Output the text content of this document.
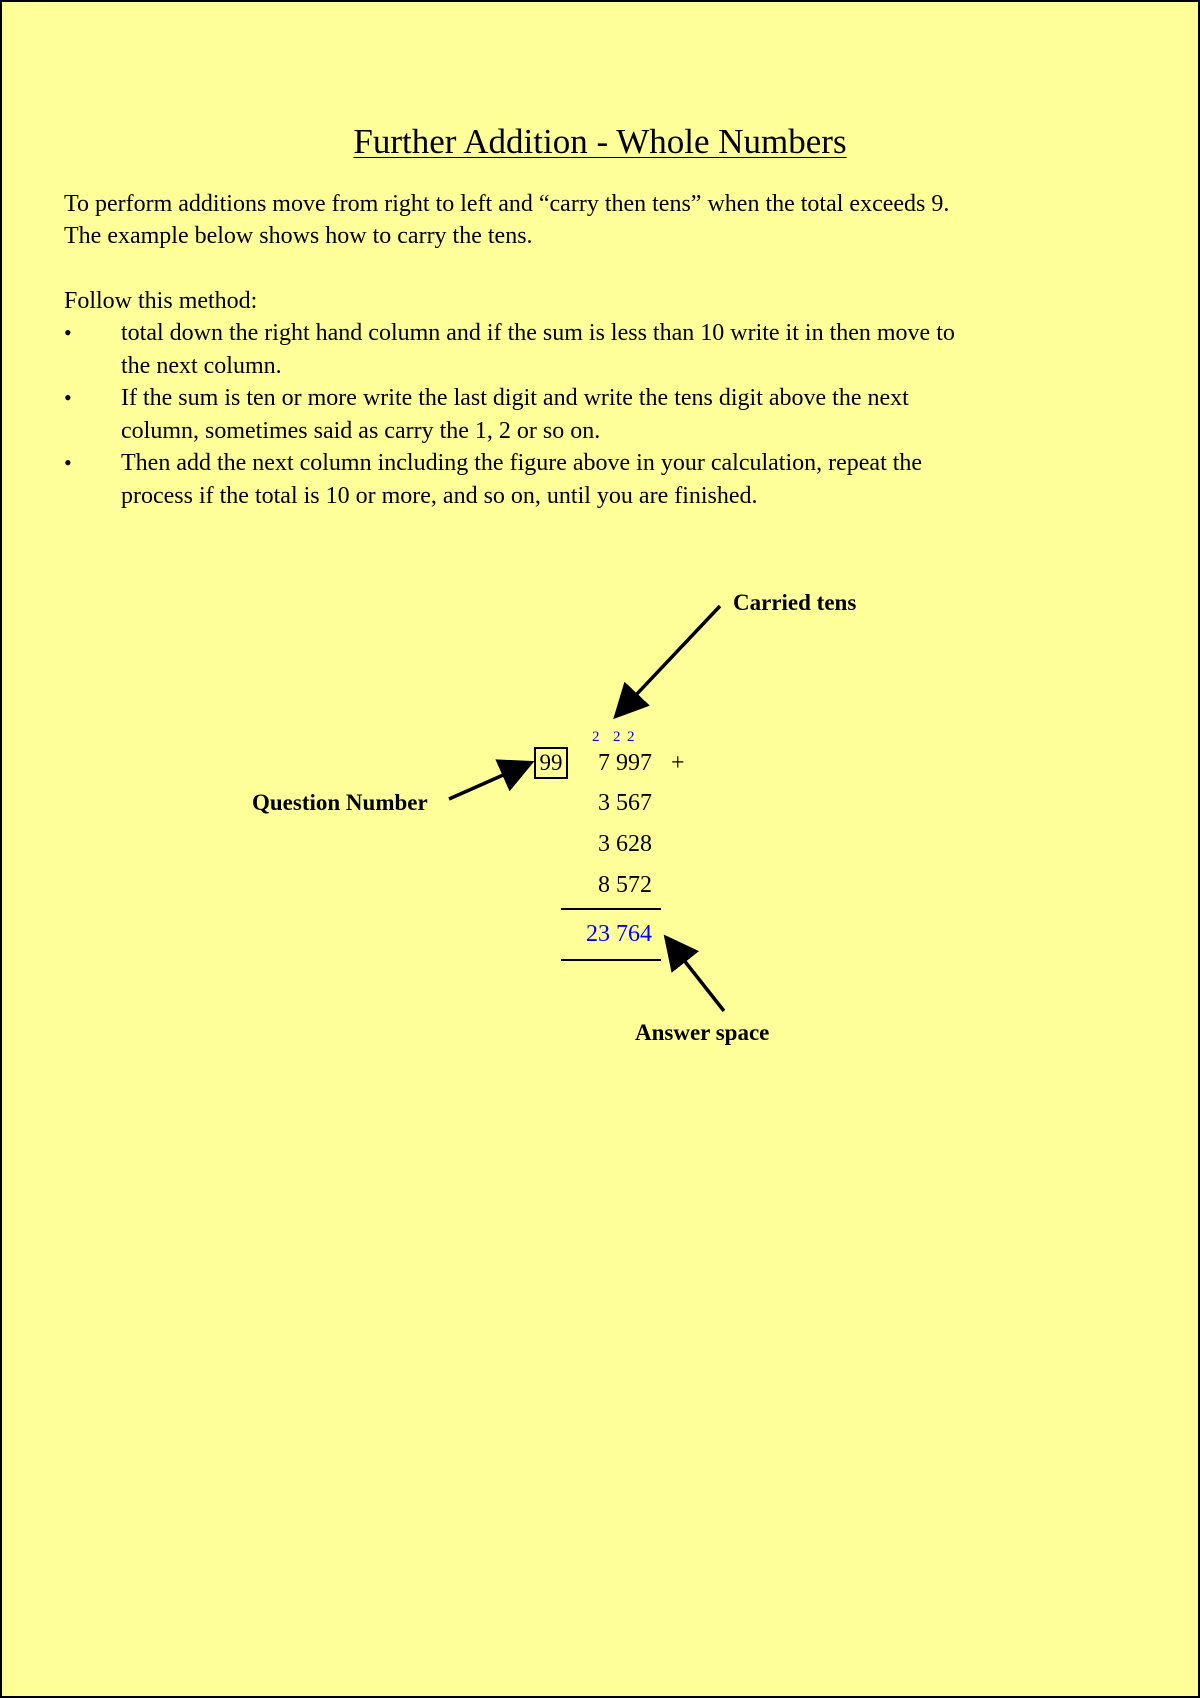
Further Addition - Whole Numbers

To perform additions move from right to left and “carry then tens” when the total exceeds 9.

The example below shows how to carry the tens.

Follow this method:

• total down the right hand column and if the sum is less than 10 write it in then move to
the next column.
• If the sum is ten or more write the last digit and write the tens digit above the next
column, sometimes said as carry the 1, 2 or so on.
• Then add the next column including the figure above in your calculation, repeat the
process if the total is 10 or more, and so on, until you are finished.
2 2 2
99	7 997 +
3 567
3 628
8 572
23 764
Carried tens
Question Number
Answer space
